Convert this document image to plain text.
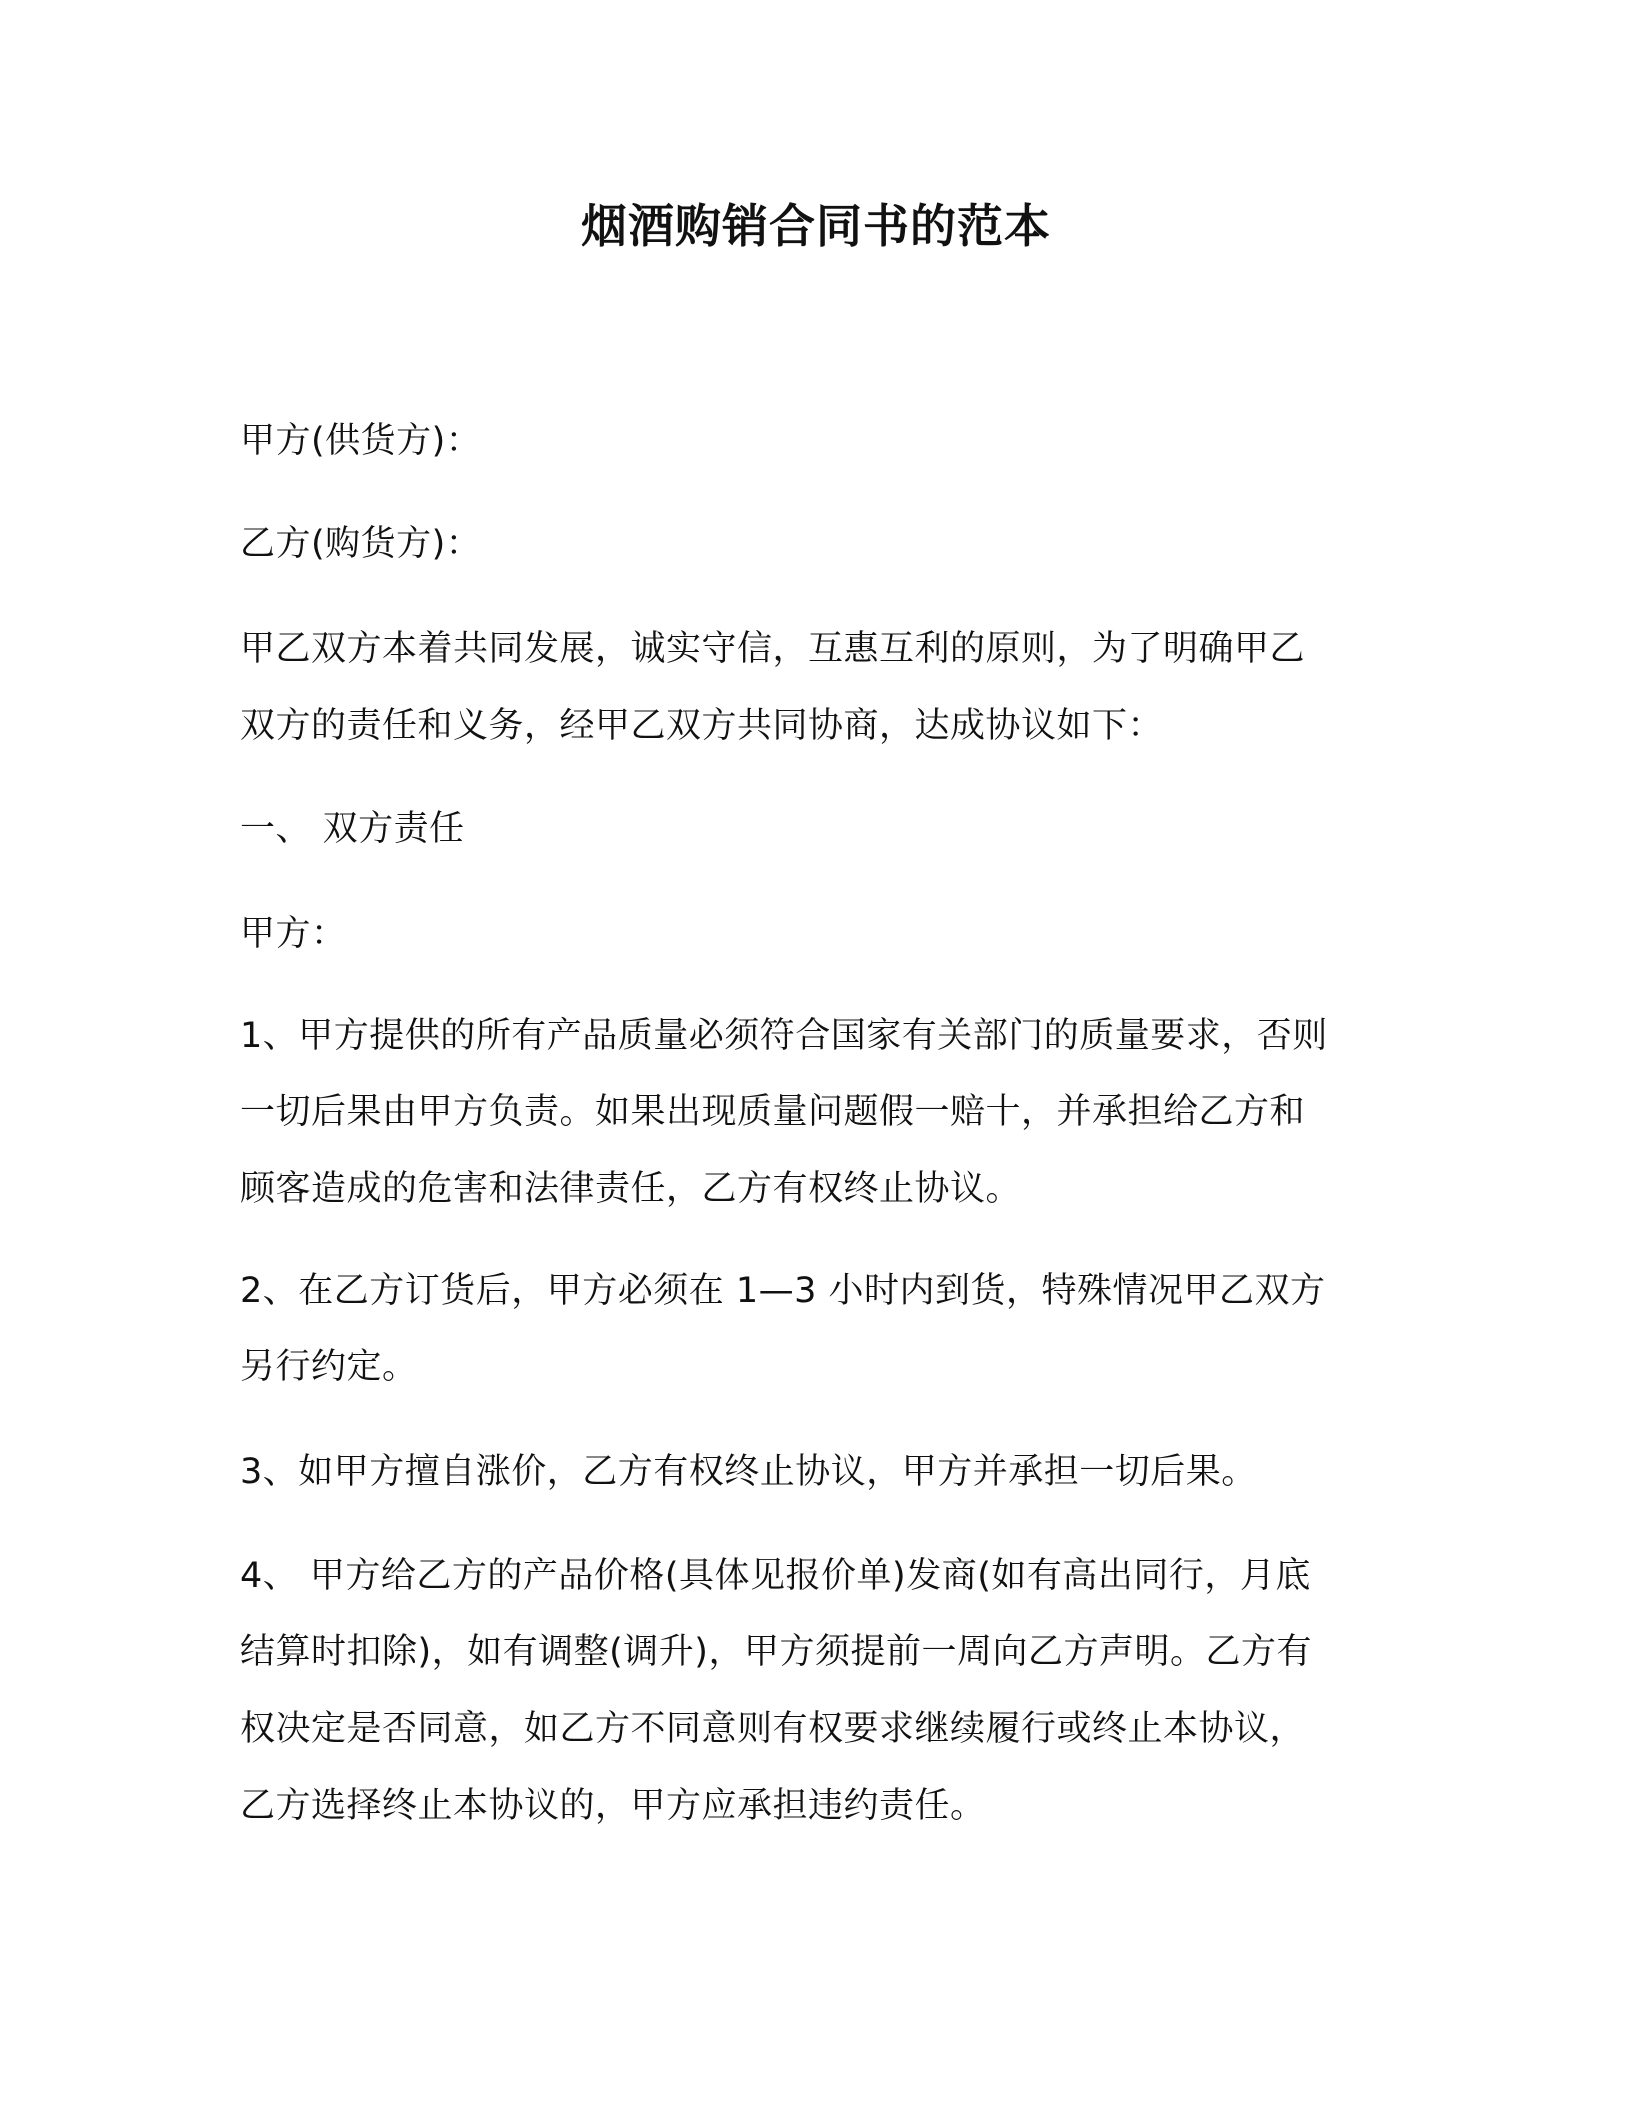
烟酒购销合同书的范本

甲方(供货方)：

乙方(购货方)：

甲乙双方本着共同发展，诚实守信，互惠互利的原则，为了明确甲乙

双方的责任和义务，经甲乙双方共同协商，达成协议如下：

一、 双方责任

甲方：

1、甲方提供的所有产品质量必须符合国家有关部门的质量要求，否则

一切后果由甲方负责。如果出现质量问题假一赔十，并承担给乙方和

顾客造成的危害和法律责任，乙方有权终止协议。

2、在乙方订货后，甲方必须在 1—3 小时内到货，特殊情况甲乙双方

另行约定。

3、如甲方擅自涨价，乙方有权终止协议，甲方并承担一切后果。

4、 甲方给乙方的产品价格(具体见报价单)发商(如有高出同行，月底

结算时扣除)，如有调整(调升)，甲方须提前一周向乙方声明。乙方有

权决定是否同意，如乙方不同意则有权要求继续履行或终止本协议，

乙方选择终止本协议的，甲方应承担违约责任。
